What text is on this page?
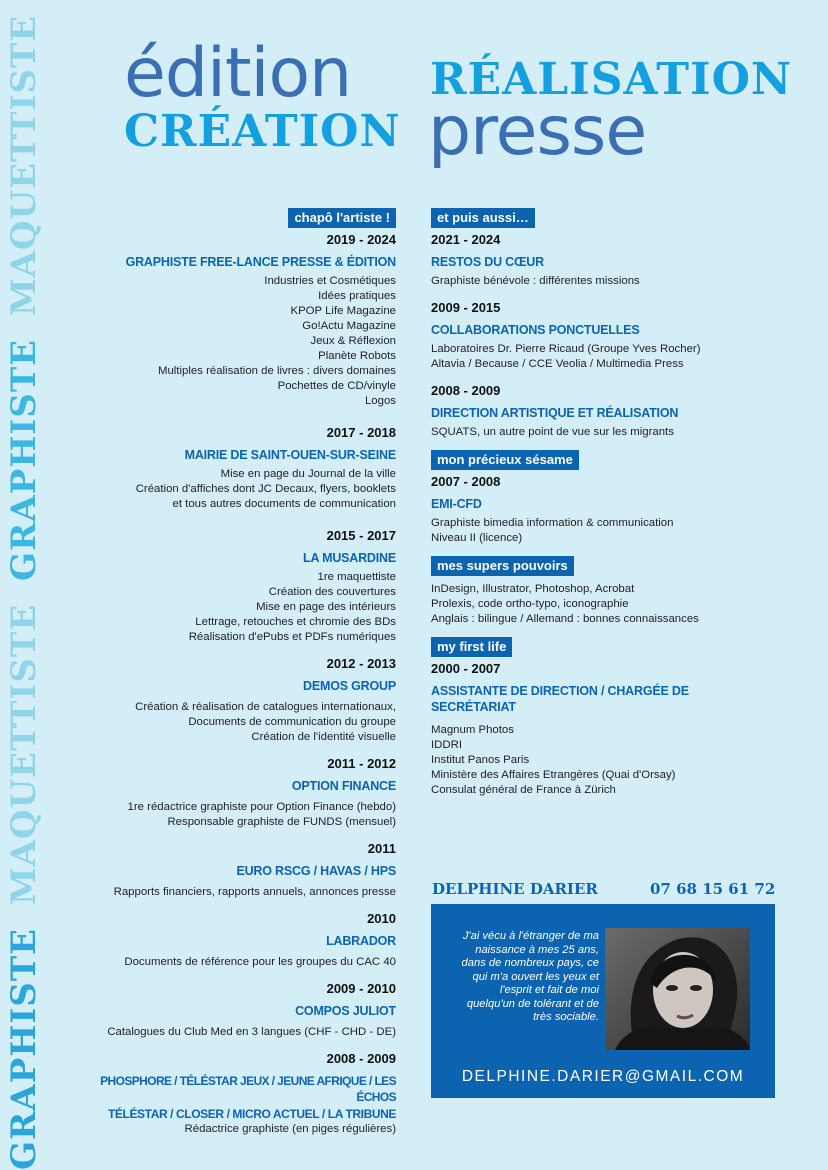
GRAPHISTE MAQUETTISTE GRAPHISTE MAQUETTISTE édition RÉALISATION
CRÉATION presse
chapô l'artiste !
2019 - 2024
GRAPHISTE FREE-LANCE PRESSE & ÉDITION
Industries et Cosmétiques
Idées pratiques
KPOP Life Magazine
Go!Actu Magazine
Jeux & Réflexion
Planète Robots
Multiples réalisation de livres : divers domaines
Pochettes de CD/vinyle
Logos
2017 - 2018
MAIRIE DE SAINT-OUEN-SUR-SEINE
Mise en page du Journal de la ville
Création d'affiches dont JC Decaux, flyers, booklets
et tous autres documents de communication
2015 - 2017
LA MUSARDINE
1re maquettiste
Création des couvertures
Mise en page des intérieurs
Lettrage, retouches et chromie des BDs
Réalisation d'ePubs et PDFs numériques
2012 - 2013
DEMOS GROUP
Création & réalisation de catalogues internationaux,
Documents de communication du groupe
Création de l'identité visuelle
2011 - 2012
OPTION FINANCE
1re rédactrice graphiste pour Option Finance (hebdo)
Responsable graphiste de FUNDS (mensuel)
2011
EURO RSCG / HAVAS / HPS
Rapports financiers, rapports annuels, annonces presse
2010
LABRADOR
Documents de référence pour les groupes du CAC 40
2009 - 2010
COMPOS JULIOT
Catalogues du Club Med en 3 langues (CHF - CHD - DE)
2008 - 2009
PHOSPHORE / TÉLÉSTAR JEUX / JEUNE AFRIQUE / LES ÉCHOS
TÉLÉSTAR / CLOSER / MICRO ACTUEL / LA TRIBUNE
Rédactrice graphiste (en piges régulières)
et puis aussi…
2021 - 2024
RESTOS DU CŒUR
Graphiste bénévole : différentes missions
2009 - 2015
COLLABORATIONS PONCTUELLES
Laboratoires Dr. Pierre Ricaud (Groupe Yves Rocher)
Altavia / Because / CCE Veolia / Multimedia Press
2008 - 2009
DIRECTION ARTISTIQUE ET RÉALISATION
SQUATS, un autre point de vue sur les migrants
mon précieux sésame
2007 - 2008
EMI-CFD
Graphiste bimedia information & communication
Niveau II (licence)
mes supers pouvoirs
InDesign, Illustrator, Photoshop, Acrobat
Prolexis, code ortho-typo, iconographie
Anglais : bilingue / Allemand : bonnes connaissances
my first life
2000 - 2007
ASSISTANTE DE DIRECTION / CHARGÉE DE SECRÉTARIAT
Magnum Photos
IDDRI
Institut Panos Paris
Ministère des Affaires Etrangères (Quai d'Orsay)
Consulat général de France à Zürich
DELPHINE DARIER	07 68 15 61 72
J'ai vécu à l'étranger de ma naissance à mes 25 ans, dans de nombreux pays, ce qui m'a ouvert les yeux et l'esprit et fait de moi quelqu'un de tolérant et de très sociable.
DELPHINE.DARIER@GMAIL.COM
